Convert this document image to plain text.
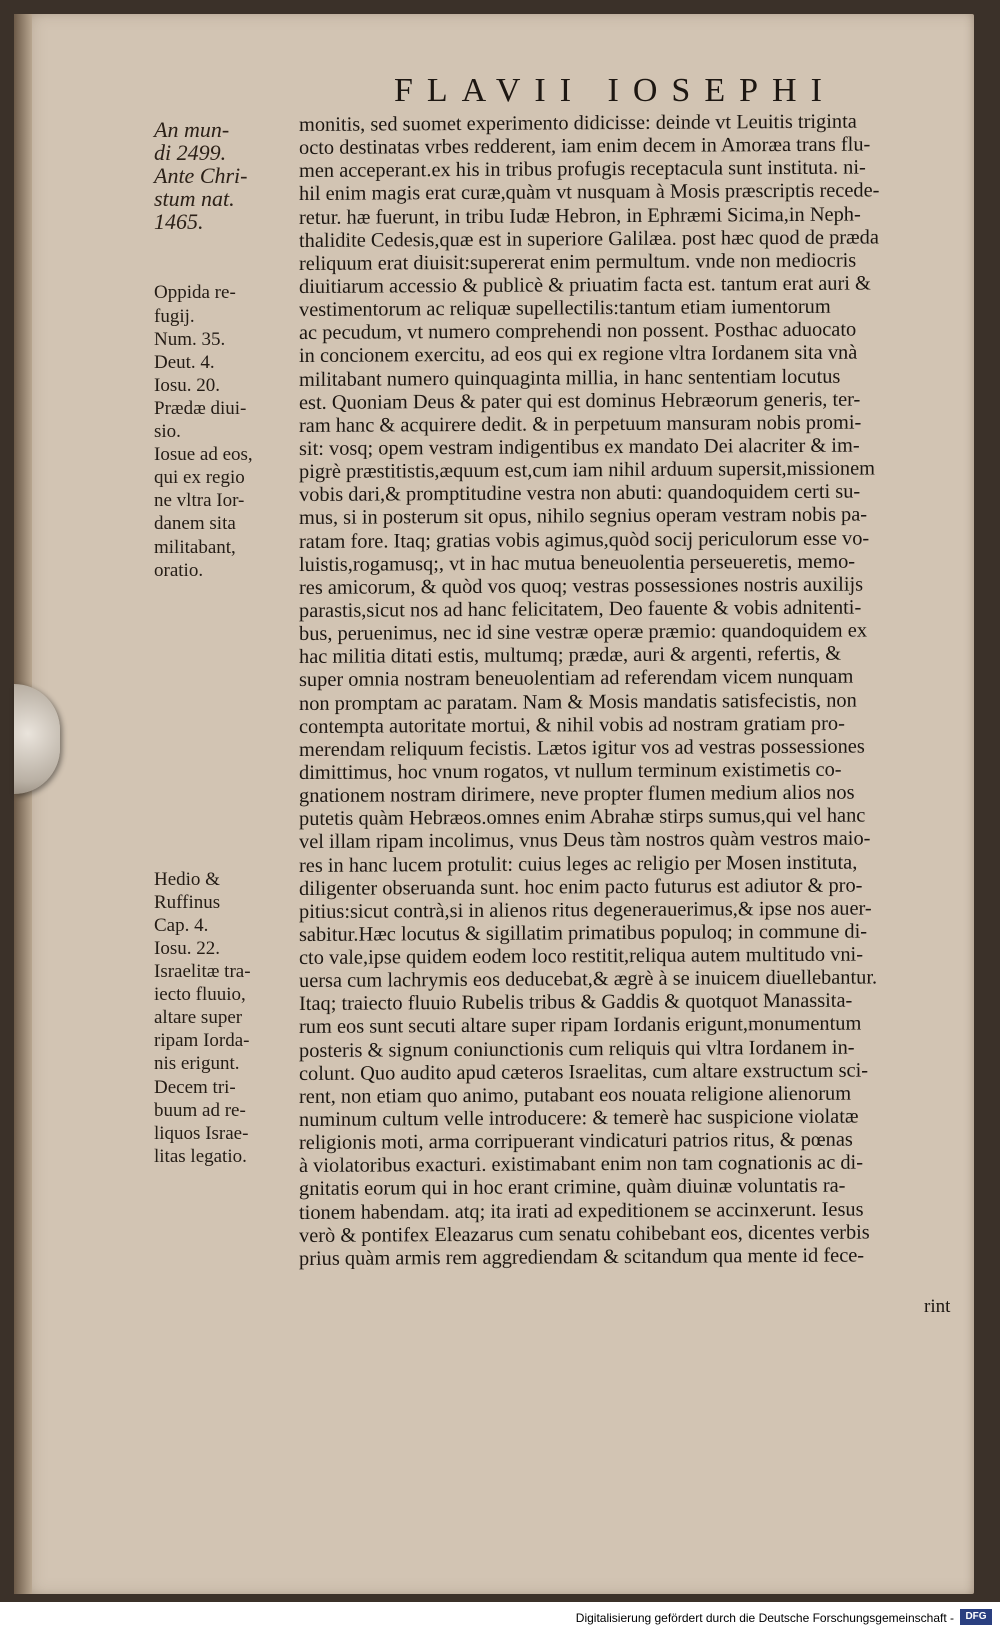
FLAVII IOSEPHI
An mun-
di 2499.
Ante Chri-
stum nat.
1465.
Oppida re-
fugij.
Num. 35.
Deut. 4.
Iosu. 20.
Prædæ diui-
sio.
Iosue ad eos,
qui ex regio
ne vltra Ior-
danem sita
militabant,
oratio.
Hedio &
Ruffinus
Cap. 4.
Iosu. 22.
Israelitæ tra-
iecto fluuio,
altare super
ripam Iorda-
nis erigunt.
Decem tri-
buum ad re-
liquos Israe-
litas legatio.
monitis, sed suomet experimento didicisse: deinde vt Leuitis triginta
octo destinatas vrbes redderent, iam enim decem in Amoræa trans flu-
men acceperant.ex his in tribus profugis receptacula sunt instituta. ni-
hil enim magis erat curæ,quàm vt nusquam à Mosis præscriptis recede-
retur. hæ fuerunt, in tribu Iudæ Hebron, in Ephræmi Sicima,in Neph-
thalidite Cedesis,quæ est in superiore Galilæa. post hæc quod de præda
reliquum erat diuisit:supererat enim permultum. vnde non mediocris
diuitiarum accessio & publicè & priuatim facta est. tantum erat auri &
vestimentorum ac reliquæ supellectilis:tantum etiam iumentorum
ac pecudum, vt numero comprehendi non possent. Posthac aduocato
in concionem exercitu, ad eos qui ex regione vltra Iordanem sita vnà
militabant numero quinquaginta millia, in hanc sententiam locutus
est. Quoniam Deus & pater qui est dominus Hebræorum generis, ter-
ram hanc & acquirere dedit. & in perpetuum mansuram nobis promi-
sit: vosq; opem vestram indigentibus ex mandato Dei alacriter & im-
pigrè præstitistis,æquum est,cum iam nihil arduum supersit,missionem
vobis dari,& promptitudine vestra non abuti: quandoquidem certi su-
mus, si in posterum sit opus, nihilo segnius operam vestram nobis pa-
ratam fore. Itaq; gratias vobis agimus,quòd socij periculorum esse vo-
luistis,rogamusq;, vt in hac mutua beneuolentia perseueretis, memo-
res amicorum, & quòd vos quoq; vestras possessiones nostris auxilijs
parastis,sicut nos ad hanc felicitatem, Deo fauente & vobis adnitenti-
bus, peruenimus, nec id sine vestræ operæ præmio: quandoquidem ex
hac militia ditati estis, multumq; prædæ, auri & argenti, refertis, &
super omnia nostram beneuolentiam ad referendam vicem nunquam
non promptam ac paratam. Nam & Mosis mandatis satisfecistis, non
contempta autoritate mortui, & nihil vobis ad nostram gratiam pro-
merendam reliquum fecistis. Lætos igitur vos ad vestras possessiones
dimittimus, hoc vnum rogatos, vt nullum terminum existimetis co-
gnationem nostram dirimere, neve propter flumen medium alios nos
putetis quàm Hebræos.omnes enim Abrahæ stirps sumus,qui vel hanc
vel illam ripam incolimus, vnus Deus tàm nostros quàm vestros maio-
res in hanc lucem protulit: cuius leges ac religio per Mosen instituta,
diligenter obseruanda sunt. hoc enim pacto futurus est adiutor & pro-
pitius:sicut contrà,si in alienos ritus degenerauerimus,& ipse nos auer-
sabitur.Hæc locutus & sigillatim primatibus populoq; in commune di-
cto vale,ipse quidem eodem loco restitit,reliqua autem multitudo vni-
uersa cum lachrymis eos deducebat,& ægrè à se inuicem diuellebantur.
Itaq; traiecto fluuio Rubelis tribus & Gaddis & quotquot Manassita-
rum eos sunt secuti altare super ripam Iordanis erigunt,monumentum
posteris & signum coniunctionis cum reliquis qui vltra Iordanem in-
colunt. Quo audito apud cæteros Israelitas, cum altare exstructum sci-
rent, non etiam quo animo, putabant eos nouata religione alienorum
numinum cultum velle introducere: & temerè hac suspicione violatæ
religionis moti, arma corripuerant vindicaturi patrios ritus, & pœnas
à violatoribus exacturi. existimabant enim non tam cognationis ac di-
gnitatis eorum qui in hoc erant crimine, quàm diuinæ voluntatis ra-
tionem habendam. atq; ita irati ad expeditionem se accinxerunt. Iesus
verò & pontifex Eleazarus cum senatu cohibebant eos, dicentes verbis
prius quàm armis rem aggrediendam & scitandum qua mente id fece-
rint
Digitalisierung gefördert durch die Deutsche Forschungsgemeinschaft -	DFG
